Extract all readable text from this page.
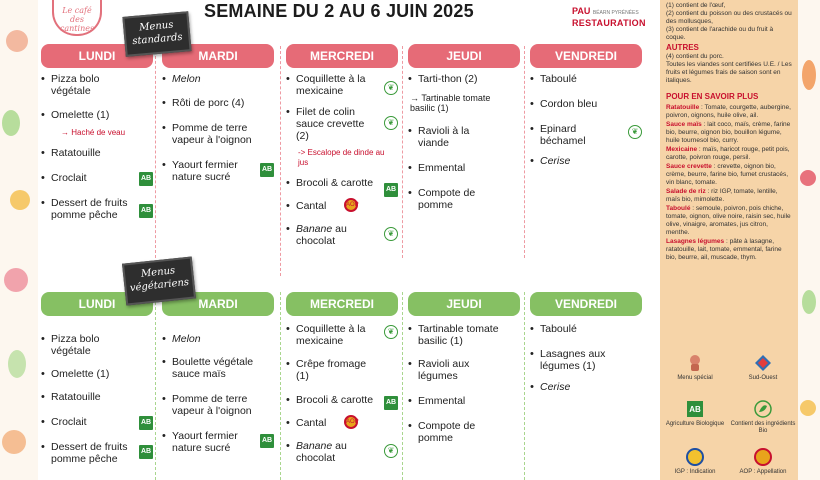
Le café des cantines
SEMAINE DU 2 AU 6 JUIN 2025	PAU BÉARN PYRÉNÉES
RESTAURATION
LUNDI
• Pizza bolo végétale
• Omelette (1)
→ Haché de veau
• Ratatouille
• Croclait	AB
• Dessert de fruits pomme pêche	AB
MARDI
• Melon
• Rôti de porc (4)
• Pomme de terre vapeur à l'oignon
• Yaourt fermier nature sucré
AB
MERCREDI
• Coquillette à la mexicaine	❦
• Filet de colin sauce crevette (2)
❦
-> Escalope de dinde au jus
• Brocoli & carotte
AB
• Cantal	AOP
• Banane au chocolat
❦
JEUDI
• Tarti-thon (2)
→ Tartinable tomate basilic (1)
• Ravioli à la viande
• Emmental
• Compote de pomme
VENDREDI
• Taboulé
• Cordon bleu
• Epinard béchamel
❦
• Cerise
LUNDI
• Pizza bolo végétale
• Omelette (1)
• Ratatouille
• Croclait	AB
• Dessert de fruits pomme pêche
AB
MARDI
• Melon
• Boulette végétale sauce maïs
• Pomme de terre vapeur à l'oignon
• Yaourt fermier nature sucré
AB
MERCREDI
• Coquillette à la mexicaine
❦
• Crêpe fromage (1)
• Brocoli & carotte AB
• Cantal	AOP
• Banane au chocolat
❦
JEUDI
• Tartinable tomate basilic (1)
• Ravioli aux légumes
• Emmental
• Compote de pomme
VENDREDI
• Taboulé
• Lasagnes aux légumes (1)
• Cerise
Menus standards
Menus végétariens

(1) contient de l'œuf,

(2) contient du poisson ou des crustacés ou des mollusques,

(3) contient de l'arachide ou du fruit à coque.

AUTRES

(4) contient du porc.

Toutes les viandes sont certifiées U.E. / Les fruits et légumes frais de saison sont en italiques.

POUR EN SAVOIR PLUS
Ratatouille : Tomate, courgette, aubergine, poivron, oignons, huile olive, ail.
Sauce maïs : lait coco, maïs, crème, farine bio, beurre, oignon bio, bouillon légume, huile tournesol bio, curry.
Mexicaine : maïs, haricot rouge, petit pois, carotte, poivron rouge, persil.
Sauce crevette : crevette, oignon bio, crème, beurre, farine bio, fumet crustacés, vin blanc, tomate.
Salade de riz : riz IGP, tomate, lentille, maïs bio, mimolette.
Taboulé : semoule, poivron, pois chiche, tomate, oignon, olive noire, raisin sec, huile olive, vinaigre, aromates, jus citron, menthe.
Lasagnes légumes : pâte à lasagne, ratatouille, lait, tomate, emmental, farine bio, beurre, ail, muscade, thym.
Menu spécial	Sud-Ouest
AB
Agriculture Biologique	Contient des ingrédients Bio
IGP : Indication	AOP : Appellation
